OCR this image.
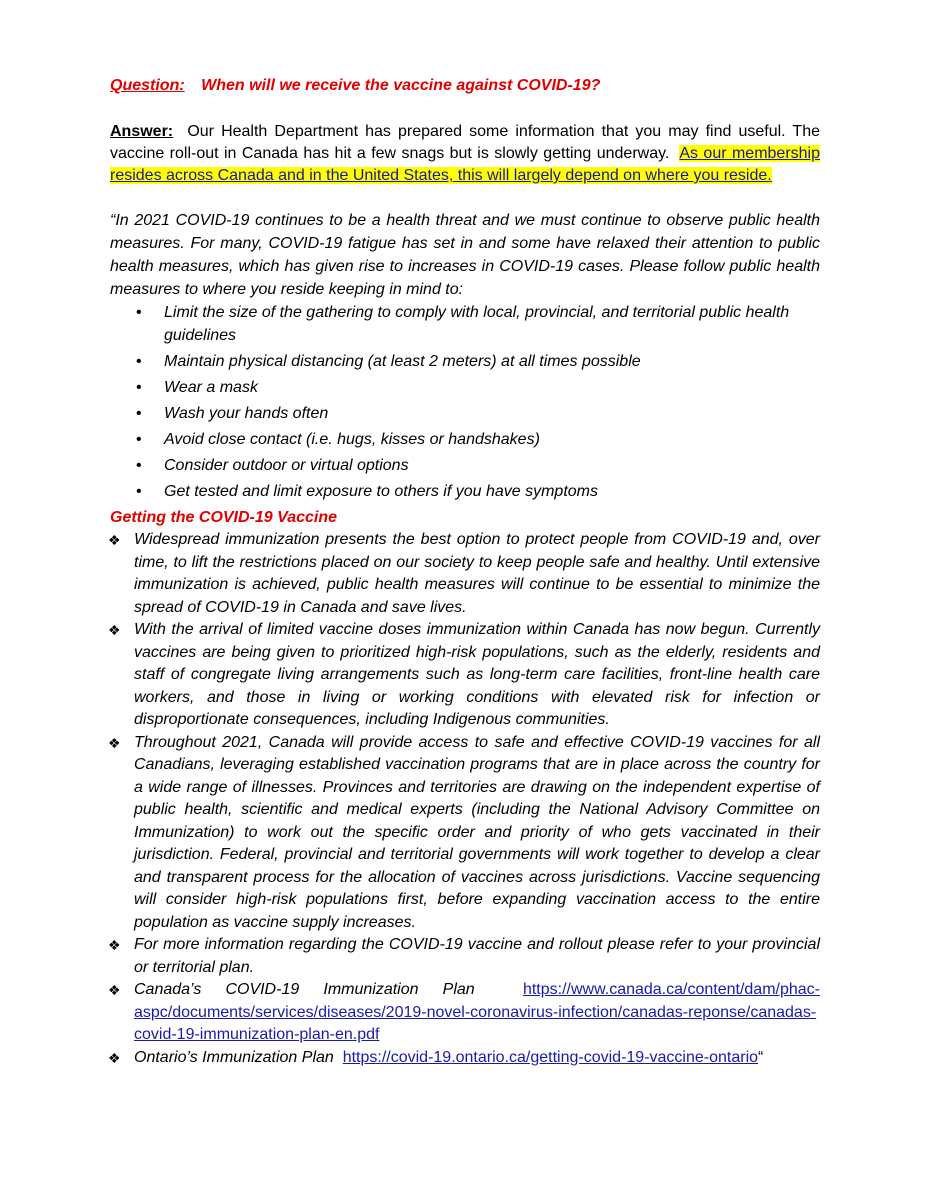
Question: When will we receive the vaccine against COVID-19?
Answer: Our Health Department has prepared some information that you may find useful. The vaccine roll-out in Canada has hit a few snags but is slowly getting underway. As our membership resides across Canada and in the United States, this will largely depend on where you reside.
“In 2021 COVID-19 continues to be a health threat and we must continue to observe public health measures. For many, COVID-19 fatigue has set in and some have relaxed their attention to public health measures, which has given rise to increases in COVID-19 cases. Please follow public health measures to where you reside keeping in mind to:
• Limit the size of the gathering to comply with local, provincial, and territorial public health guidelines
• Maintain physical distancing (at least 2 meters) at all times possible
• Wear a mask
• Wash your hands often
• Avoid close contact (i.e. hugs, kisses or handshakes)
• Consider outdoor or virtual options
• Get tested and limit exposure to others if you have symptoms
Getting the COVID-19 Vaccine
❖ Widespread immunization presents the best option to protect people from COVID-19 and, over time, to lift the restrictions placed on our society to keep people safe and healthy. Until extensive immunization is achieved, public health measures will continue to be essential to minimize the spread of COVID-19 in Canada and save lives.
❖ With the arrival of limited vaccine doses immunization within Canada has now begun. Currently vaccines are being given to prioritized high-risk populations, such as the elderly, residents and staff of congregate living arrangements such as long-term care facilities, front-line health care workers, and those in living or working conditions with elevated risk for infection or disproportionate consequences, including Indigenous communities.
❖ Throughout 2021, Canada will provide access to safe and effective COVID-19 vaccines for all Canadians, leveraging established vaccination programs that are in place across the country for a wide range of illnesses. Provinces and territories are drawing on the independent expertise of public health, scientific and medical experts (including the National Advisory Committee on Immunization) to work out the specific order and priority of who gets vaccinated in their jurisdiction. Federal, provincial and territorial governments will work together to develop a clear and transparent process for the allocation of vaccines across jurisdictions. Vaccine sequencing will consider high-risk populations first, before expanding vaccination access to the entire population as vaccine supply increases.
❖ For more information regarding the COVID-19 vaccine and rollout please refer to your provincial or territorial plan.
❖ Canada’s COVID-19 Immunization Plan	https://www.canada.ca/content/dam/phac-aspc/documents/services/diseases/2019-novel-coronavirus-infection/canadas-reponse/canadas-covid-19-immunization-plan-en.pdf
❖ Ontario’s Immunization Plan https://covid-19.ontario.ca/getting-covid-19-vaccine-ontario“
